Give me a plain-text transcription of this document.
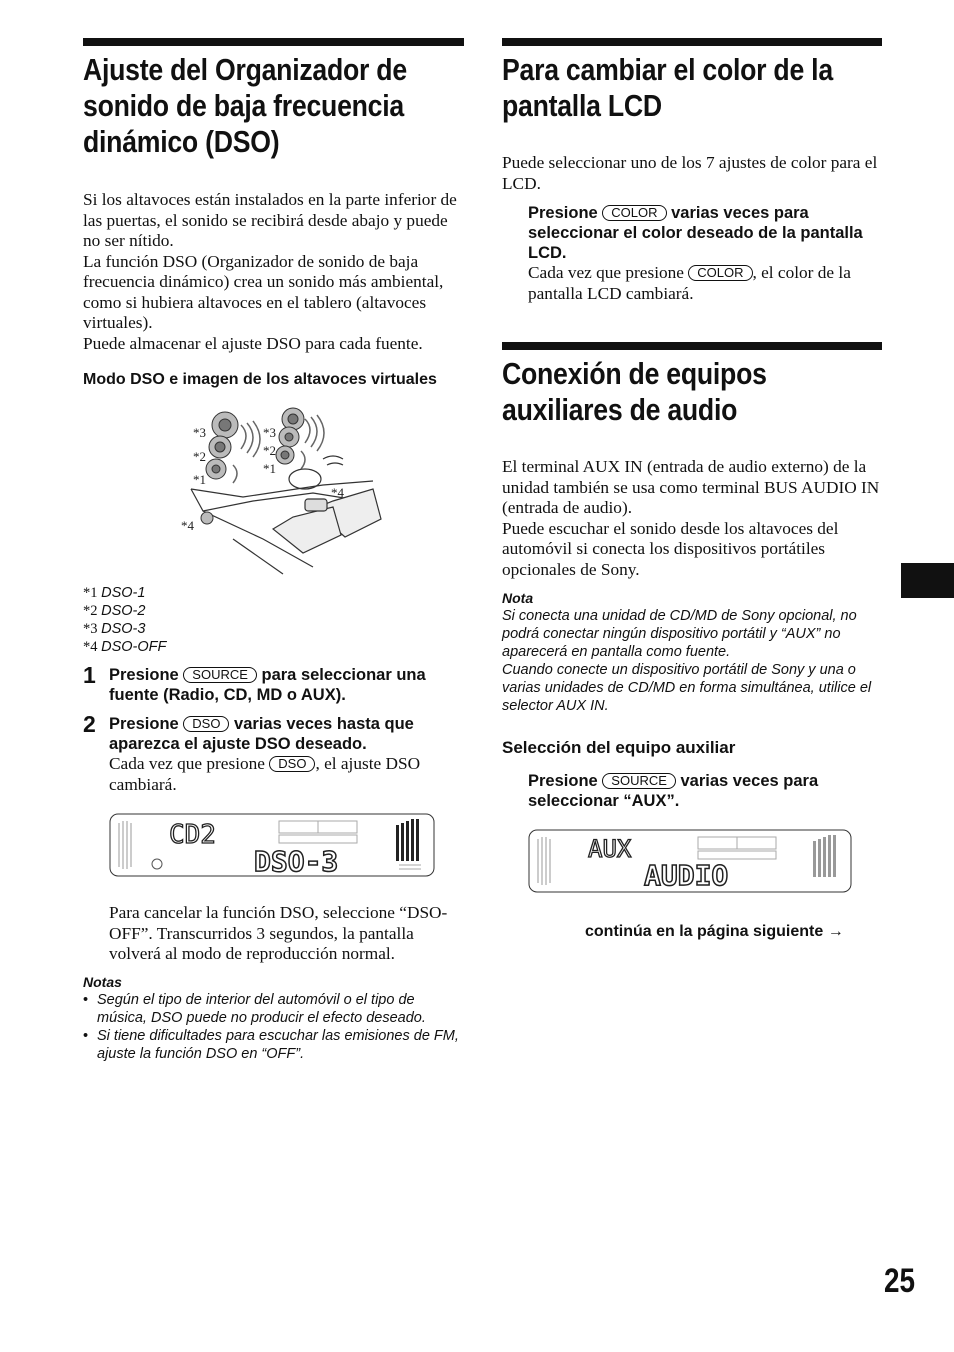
Ajuste del Organizador de sonido de baja frecuencia dinámico (DSO)

Si los altavoces están instalados en la parte inferior de las puertas, el sonido se recibirá desde abajo y puede no ser nítido.

La función DSO (Organizador de sonido de baja frecuencia dinámico) crea un sonido más ambiental, como si hubiera altavoces en el tablero (altavoces virtuales).

Puede almacenar el ajuste DSO para cada fuente.

Modo DSO e imagen de los altavoces virtuales

*3
*2
*1
*3
*2
*1
*4
*4
*1 DSO-1
*2 DSO-2
*3 DSO-3
*4 DSO-OFF
1 Presione SOURCE para seleccionar una fuente (Radio, CD, MD o AUX).
2 Presione DSO varias veces hasta que aparezca el ajuste DSO deseado.

Cada vez que presione DSO , el ajuste DSO cambiará.

CD2
DSO-3

Para cancelar la función DSO, seleccione “DSO-OFF”. Transcurridos 3 segundos, la pantalla volverá al modo de reproducción normal.

Notas
• Según el tipo de interior del automóvil o el tipo de música, DSO puede no producir el efecto deseado.
• Si tiene dificultades para escuchar las emisiones de FM, ajuste la función DSO en “OFF”.
Para cambiar el color de la pantalla LCD

Puede seleccionar uno de los 7 ajustes de color para el LCD.

Presione COLOR varias veces para seleccionar el color deseado de la pantalla LCD.

Cada vez que presione COLOR , el color de la pantalla LCD cambiará.

Conexión de equipos auxiliares de audio

El terminal AUX IN (entrada de audio externo) de la unidad también se usa como terminal BUS AUDIO IN (entrada de audio).

Puede escuchar el sonido desde los altavoces del automóvil si conecta los dispositivos portátiles opcionales de Sony.

Nota

Si conecta una unidad de CD/MD de Sony opcional, no podrá conectar ningún dispositivo portátil y “AUX” no aparecerá en pantalla como fuente.

Cuando conecte un dispositivo portátil de Sony y una o varias unidades de CD/MD en forma simultánea, utilice el selector AUX IN.

Selección del equipo auxiliar

Presione SOURCE varias veces para seleccionar “AUX”.
AUX
AUDIO
continúa en la página siguiente →
25
